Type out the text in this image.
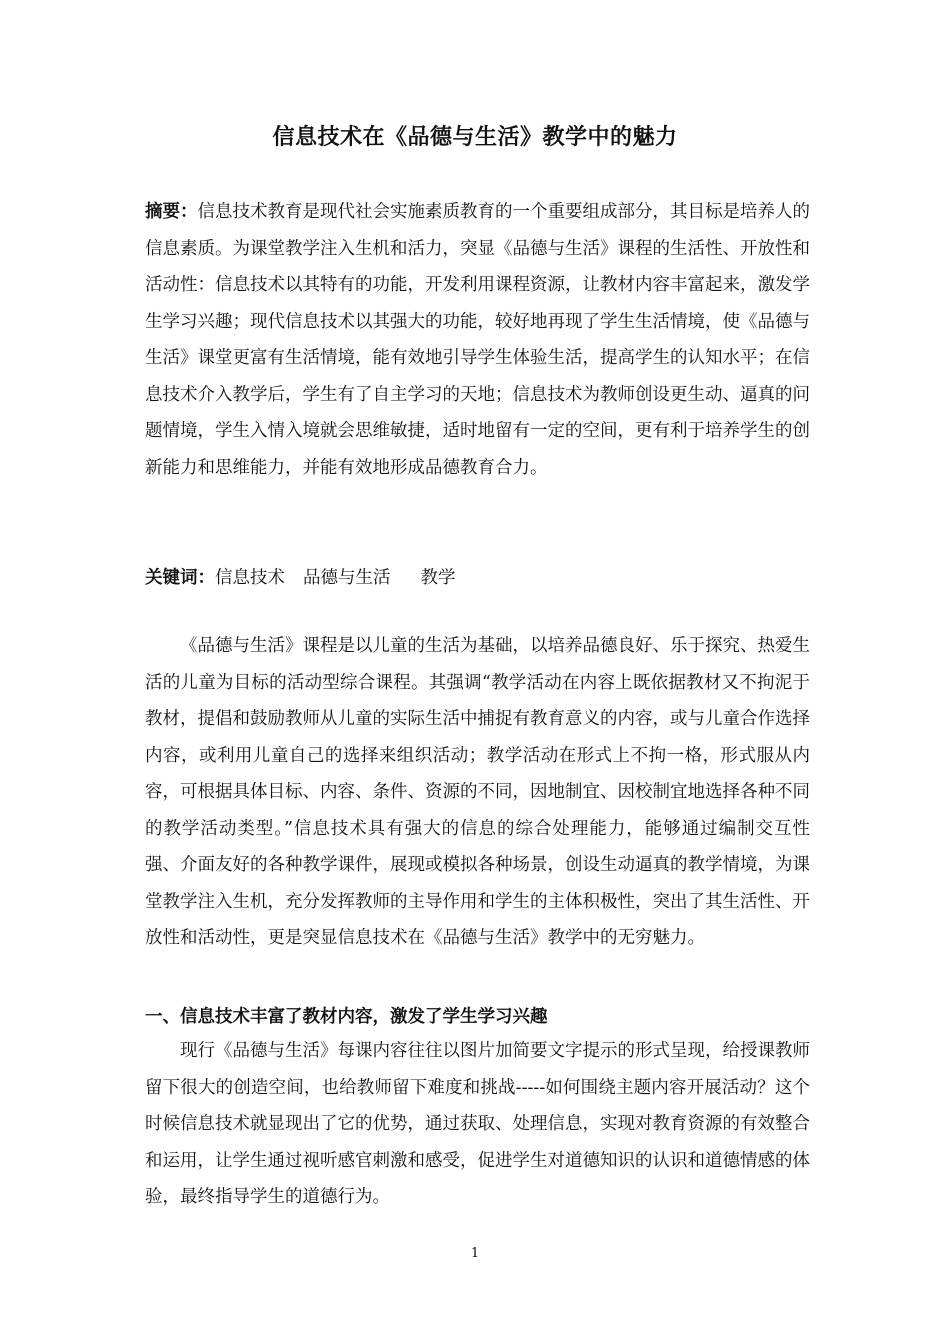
信息技术在《品德与生活》教学中的魅力
摘要：信息技术教育是现代社会实施素质教育的一个重要组成部分，其目标是培养人的信息素质。为课堂教学注入生机和活力，突显《品德与生活》课程的生活性、开放性和活动性：信息技术以其特有的功能，开发利用课程资源，让教材内容丰富起来，激发学生学习兴趣；现代信息技术以其强大的功能，较好地再现了学生生活情境，使《品德与生活》课堂更富有生活情境，能有效地引导学生体验生活，提高学生的认知水平；在信息技术介入教学后，学生有了自主学习的天地；信息技术为教师创设更生动、逼真的问题情境，学生入情入境就会思维敏捷，适时地留有一定的空间，更有利于培养学生的创新能力和思维能力，并能有效地形成品德教育合力。
关键词：信息技术 品德与生活 教学
《品德与生活》课程是以儿童的生活为基础，以培养品德良好、乐于探究、热爱生活的儿童为目标的活动型综合课程。其强调“教学活动在内容上既依据教材又不拘泥于教材，提倡和鼓励教师从儿童的实际生活中捕捉有教育意义的内容，或与儿童合作选择内容，或利用儿童自己的选择来组织活动；教学活动在形式上不拘一格，形式服从内容，可根据具体目标、内容、条件、资源的不同，因地制宜、因校制宜地选择各种不同的教学活动类型。”信息技术具有强大的信息的综合处理能力，能够通过编制交互性强、介面友好的各种教学课件，展现或模拟各种场景，创设生动逼真的教学情境，为课堂教学注入生机，充分发挥教师的主导作用和学生的主体积极性，突出了其生活性、开放性和活动性，更是突显信息技术在《品德与生活》教学中的无穷魅力。
一、信息技术丰富了教材内容，激发了学生学习兴趣
现行《品德与生活》每课内容往往以图片加简要文字提示的形式呈现，给授课教师留下很大的创造空间，也给教师留下难度和挑战-----如何围绕主题内容开展活动？这个时候信息技术就显现出了它的优势，通过获取、处理信息，实现对教育资源的有效整合和运用，让学生通过视听感官刺激和感受，促进学生对道德知识的认识和道德情感的体验，最终指导学生的道德行为。
1
